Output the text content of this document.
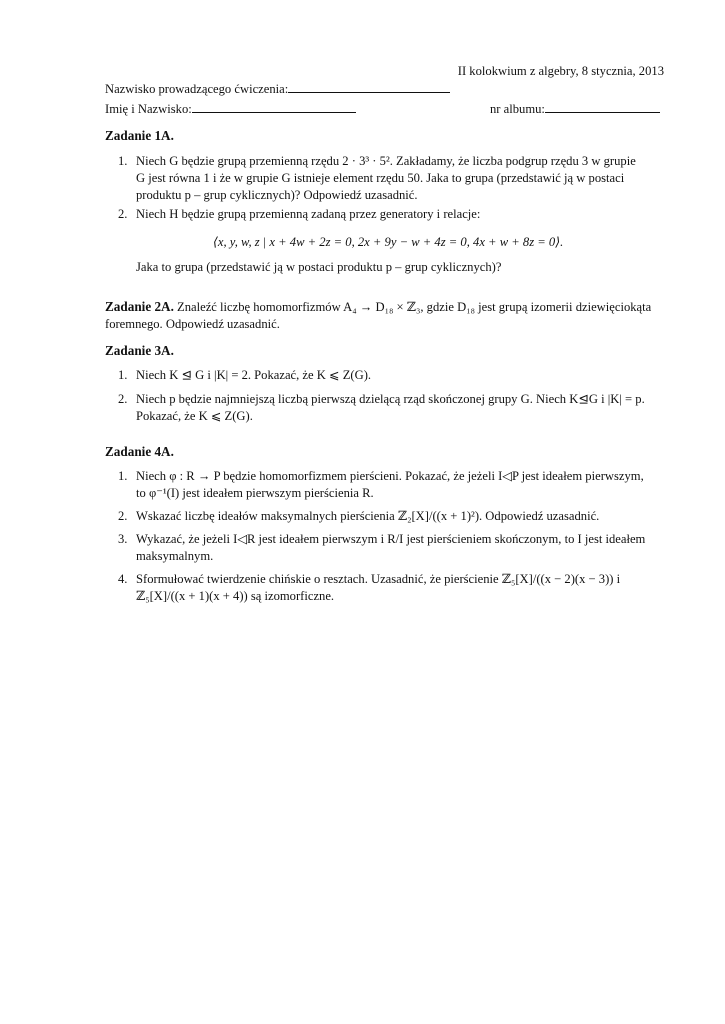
II kolokwium z algebry, 8 stycznia, 2013
Nazwisko prowadzącego ćwiczenia:
Imię i Nazwisko:	nr albumu:
Zadanie 1A.
1. Niech G będzie grupą przemienną rzędu 2 · 3³ · 5². Zakładamy, że liczba podgrup rzędu 3 w grupie
G jest równa 1 i że w grupie G istnieje element rzędu 50. Jaka to grupa (przedstawić ją w postaci
produktu p – grup cyklicznych)? Odpowiedź uzasadnić.
2. Niech H będzie grupą przemienną zadaną przez generatory i relacje:
⟨x, y, w, z | x + 4w + 2z = 0, 2x + 9y − w + 4z = 0, 4x + w + 8z = 0⟩.
Jaka to grupa (przedstawić ją w postaci produktu p – grup cyklicznych)?
Zadanie 2A. Znaleźć liczbę homomorfizmów A₄ → D₁₈ × ℤ₃, gdzie D₁₈ jest grupą izomerii dziewięciokąta
foremnego. Odpowiedź uzasadnić.
Zadanie 3A.
1. Niech K ⊴ G i |K| = 2. Pokazać, że K ⩽ Z(G).
2. Niech p będzie najmniejszą liczbą pierwszą dzielącą rząd skończonej grupy G. Niech K⊴G i |K| = p.
Pokazać, że K ⩽ Z(G).
Zadanie 4A.
1. Niech φ : R → P będzie homomorfizmem pierścieni. Pokazać, że jeżeli I◁P jest ideałem pierwszym,
to φ⁻¹(I) jest ideałem pierwszym pierścienia R.
2. Wskazać liczbę ideałów maksymalnych pierścienia ℤ₂[X]/((x + 1)²). Odpowiedź uzasadnić.
3. Wykazać, że jeżeli I◁R jest ideałem pierwszym i R/I jest pierścieniem skończonym, to I jest ideałem
maksymalnym.
4. Sformułować twierdzenie chińskie o resztach. Uzasadnić, że pierścienie ℤ₅[X]/((x − 2)(x − 3)) i
ℤ₅[X]/((x + 1)(x + 4)) są izomorficzne.
